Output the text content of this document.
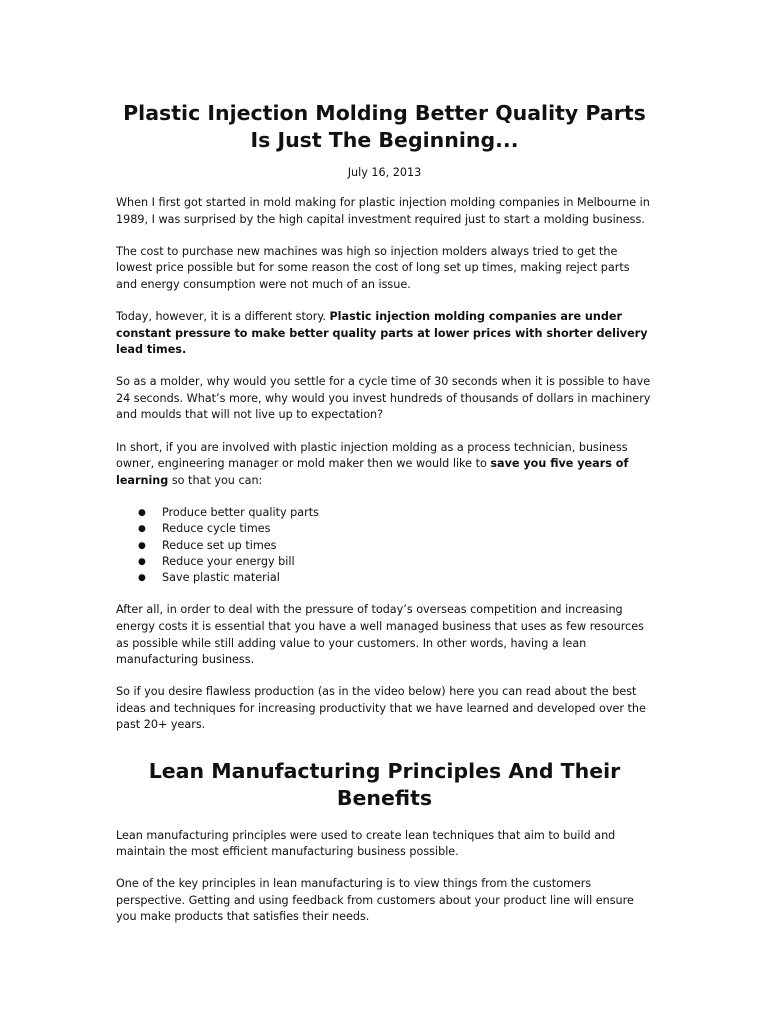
Plastic Injection Molding Better Quality Parts Is Just The Beginning...
July 16, 2013

When I first got started in mold making for plastic injection molding companies in Melbourne in 1989, I was surprised by the high capital investment required just to start a molding business.

The cost to purchase new machines was high so injection molders always tried to get the lowest price possible but for some reason the cost of long set up times, making reject parts and energy consumption were not much of an issue.

Today, however, it is a different story. Plastic injection molding companies are under constant pressure to make better quality parts at lower prices with shorter delivery lead times.

So as a molder, why would you settle for a cycle time of 30 seconds when it is possible to have 24 seconds. What’s more, why would you invest hundreds of thousands of dollars in machinery and moulds that will not live up to expectation?

In short, if you are involved with plastic injection molding as a process technician, business owner, engineering manager or mold maker then we would like to save you five years of learning so that you can:

● Produce better quality parts
● Reduce cycle times
● Reduce set up times
● Reduce your energy bill
● Save plastic material

After all, in order to deal with the pressure of today’s overseas competition and increasing energy costs it is essential that you have a well managed business that uses as few resources as possible while still adding value to your customers. In other words, having a lean manufacturing business.

So if you desire flawless production (as in the video below) here you can read about the best ideas and techniques for increasing productivity that we have learned and developed over the past 20+ years.

Lean Manufacturing Principles And Their Benefits

Lean manufacturing principles were used to create lean techniques that aim to build and maintain the most efficient manufacturing business possible.

One of the key principles in lean manufacturing is to view things from the customers perspective. Getting and using feedback from customers about your product line will ensure you make products that satisfies their needs.
